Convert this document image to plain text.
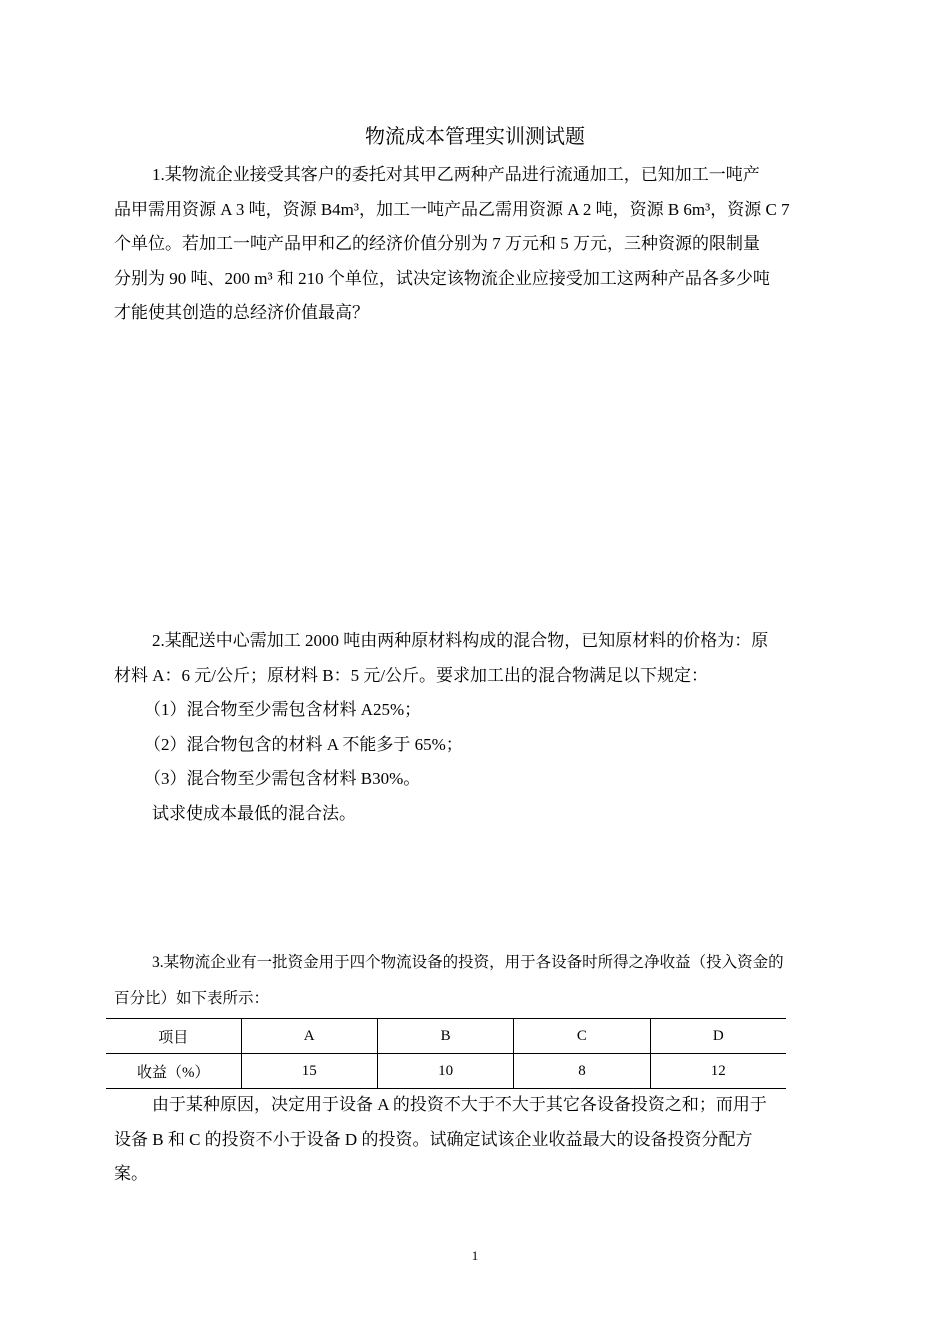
物流成本管理实训测试题
1.某物流企业接受其客户的委托对其甲乙两种产品进行流通加工，已知加工一吨产
品甲需用资源 A 3 吨，资源 B4m³，加工一吨产品乙需用资源 A 2 吨，资源 B 6m³，资源 C 7
个单位。若加工一吨产品甲和乙的经济价值分别为 7 万元和 5 万元，三种资源的限制量
分别为 90 吨、200 m³ 和 210 个单位，试决定该物流企业应接受加工这两种产品各多少吨
才能使其创造的总经济价值最高？
2.某配送中心需加工 2000 吨由两种原材料构成的混合物，已知原材料的价格为：原
材料 A：6 元/公斤；原材料 B：5 元/公斤。要求加工出的混合物满足以下规定：
（1）混合物至少需包含材料 A25%；
（2）混合物包含的材料 A 不能多于 65%；
（3）混合物至少需包含材料 B30%。
试求使成本最低的混合法。
3.某物流企业有一批资金用于四个物流设备的投资，用于各设备时所得之净收益（投入资金的
百分比）如下表所示：
项目	A	B	C	D
收益（%）	15	10	8	12
由于某种原因，决定用于设备 A 的投资不大于不大于其它各设备投资之和；而用于
设备 B 和 C 的投资不小于设备 D 的投资。试确定试该企业收益最大的设备投资分配方
案。
1
